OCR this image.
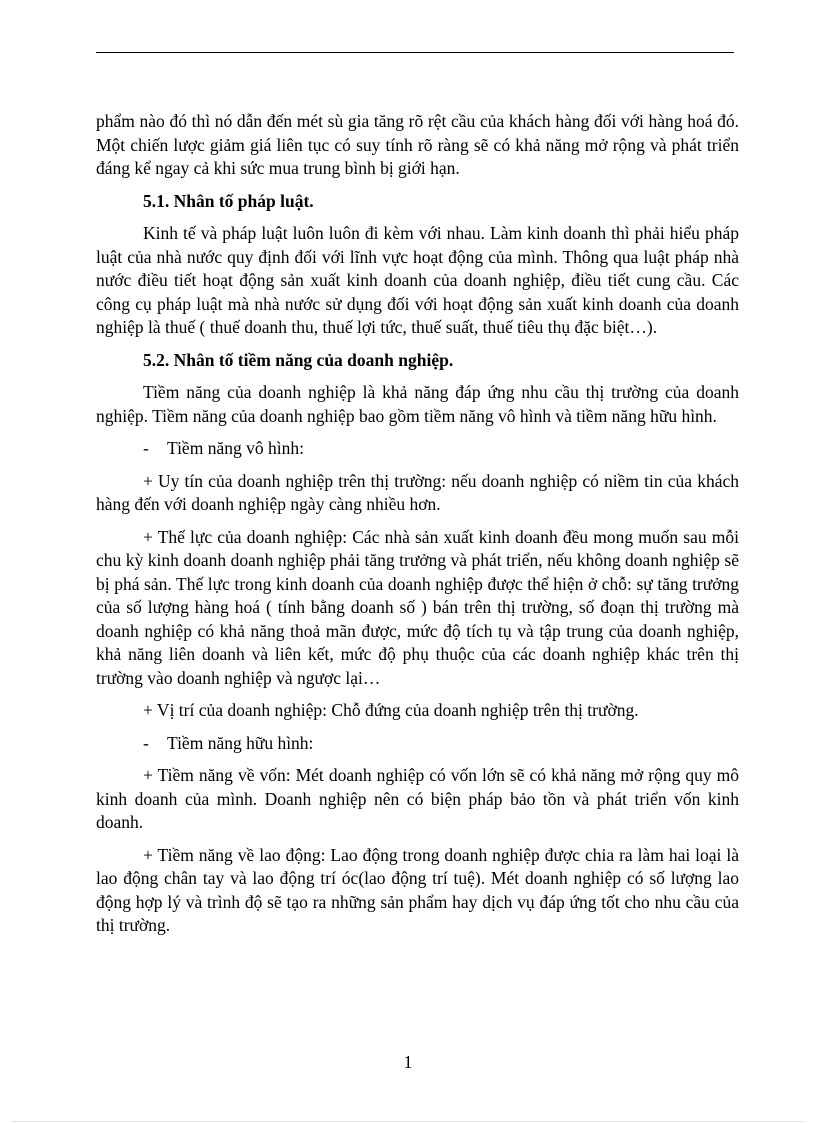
phẩm nào đó thì nó dẫn đến mét sù gia tăng rõ rệt cầu của khách hàng đối với hàng hoá đó. Một chiến lược giảm giá liên tục có suy tính rõ ràng sẽ có khả năng mở rộng và phát triển đáng kể ngay cả khi sức mua trung bình bị giới hạn.

5.1. Nhân tố pháp luật.

Kinh tế và pháp luật luôn luôn đi kèm với nhau. Làm kinh doanh thì phải hiểu pháp luật của nhà nước quy định đối với lĩnh vực hoạt động của mình. Thông qua luật pháp nhà nước điều tiết hoạt động sản xuất kinh doanh của doanh nghiệp, điều tiết cung cầu. Các công cụ pháp luật mà nhà nước sử dụng đối với hoạt động sản xuất kinh doanh của doanh nghiệp là thuế ( thuế doanh thu, thuế lợi tức, thuế suất, thuế tiêu thụ đặc biệt…).

5.2. Nhân tố tiềm năng của doanh nghiệp.

Tiềm năng của doanh nghiệp là khả năng đáp ứng nhu cầu thị trường của doanh nghiệp. Tiềm năng của doanh nghiệp bao gồm tiềm năng vô hình và tiềm năng hữu hình.

- Tiềm năng vô hình:

+ Uy tín của doanh nghiệp trên thị trường: nếu doanh nghiệp có niềm tin của khách hàng đến với doanh nghiệp ngày càng nhiều hơn.

+ Thế lực của doanh nghiệp: Các nhà sản xuất kinh doanh đều mong muốn sau mỗi chu kỳ kinh doanh doanh nghiệp phải tăng trưởng và phát triển, nếu không doanh nghiệp sẽ bị phá sản. Thế lực trong kinh doanh của doanh nghiệp được thể hiện ở chỗ: sự tăng trưởng của số lượng hàng hoá ( tính bằng doanh số ) bán trên thị trường, số đoạn thị trường mà doanh nghiệp có khả năng thoả mãn được, mức độ tích tụ và tập trung của doanh nghiệp, khả năng liên doanh và liên kết, mức độ phụ thuộc của các doanh nghiệp khác trên thị trường vào doanh nghiệp và ngược lại…

+ Vị trí của doanh nghiệp: Chỗ đứng của doanh nghiệp trên thị trường.

- Tiềm năng hữu hình:

+ Tiềm năng về vốn: Mét doanh nghiệp có vốn lớn sẽ có khả năng mở rộng quy mô kinh doanh của mình. Doanh nghiệp nên có biện pháp bảo tồn và phát triển vốn kinh doanh.

+ Tiềm năng về lao động: Lao động trong doanh nghiệp được chia ra làm hai loại là lao động chân tay và lao động trí óc(lao động trí tuệ). Mét doanh nghiệp có số lượng lao động hợp lý và trình độ sẽ tạo ra những sản phẩm hay dịch vụ đáp ứng tốt cho nhu cầu của thị trường.

1
